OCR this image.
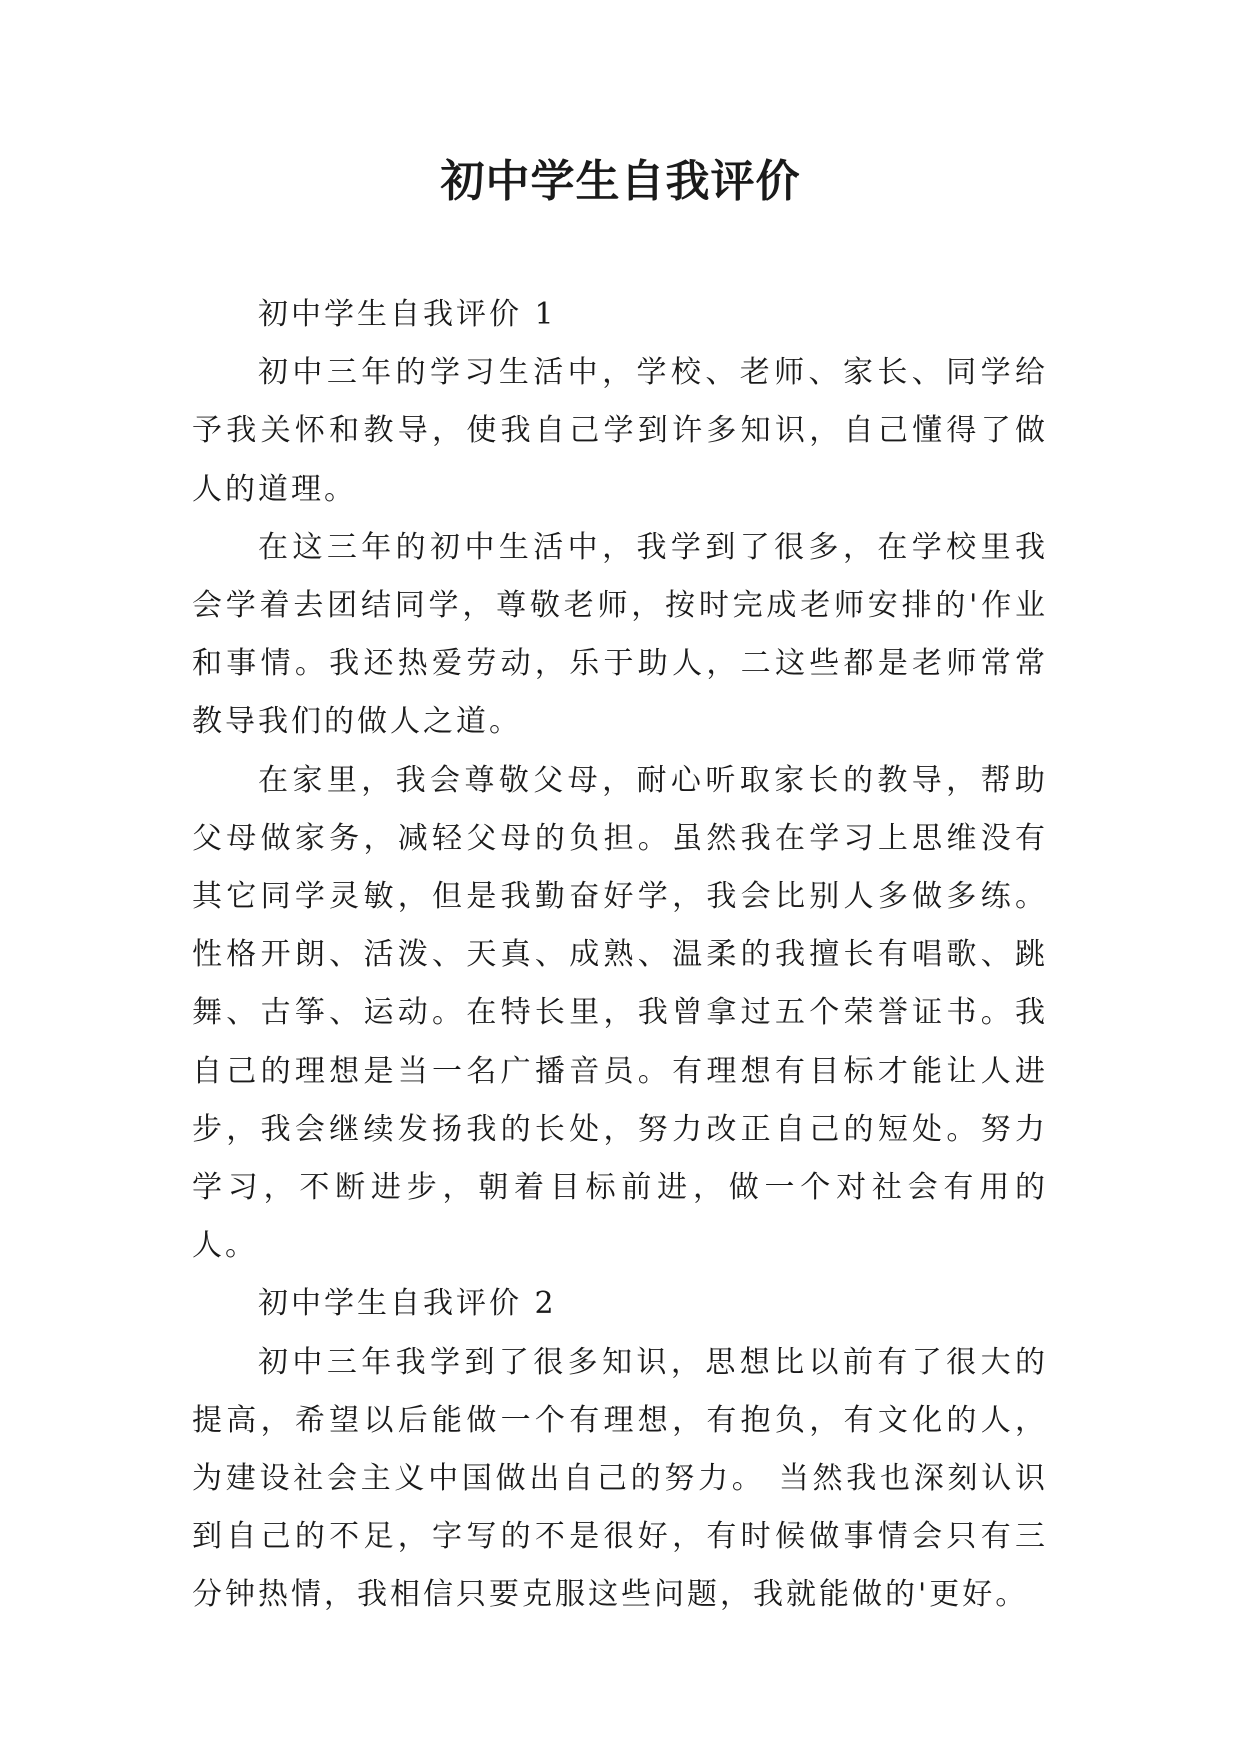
初中学生自我评价

初中学生自我评价 1

初中三年的学习生活中，学校、老师、家长、同学给予我关怀和教导，使我自己学到许多知识，自己懂得了做人的道理。

在这三年的初中生活中，我学到了很多，在学校里我会学着去团结同学，尊敬老师，按时完成老师安排的'作业和事情。我还热爱劳动，乐于助人，二这些都是老师常常教导我们的做人之道。

在家里，我会尊敬父母，耐心听取家长的教导，帮助父母做家务，减轻父母的负担。虽然我在学习上思维没有其它同学灵敏，但是我勤奋好学，我会比别人多做多练。性格开朗、活泼、天真、成熟、温柔的我擅长有唱歌、跳舞、古筝、运动。在特长里，我曾拿过五个荣誉证书。我自己的理想是当一名广播音员。有理想有目标才能让人进步，我会继续发扬我的长处，努力改正自己的短处。努力学习，不断进步，朝着目标前进，做一个对社会有用的人。

初中学生自我评价 2

初中三年我学到了很多知识，思想比以前有了很大的提高，希望以后能做一个有理想，有抱负，有文化的人，为建设社会主义中国做出自己的努力。 当然我也深刻认识到自己的不足，字写的不是很好，有时候做事情会只有三分钟热情，我相信只要克服这些问题，我就能做的'更好。
